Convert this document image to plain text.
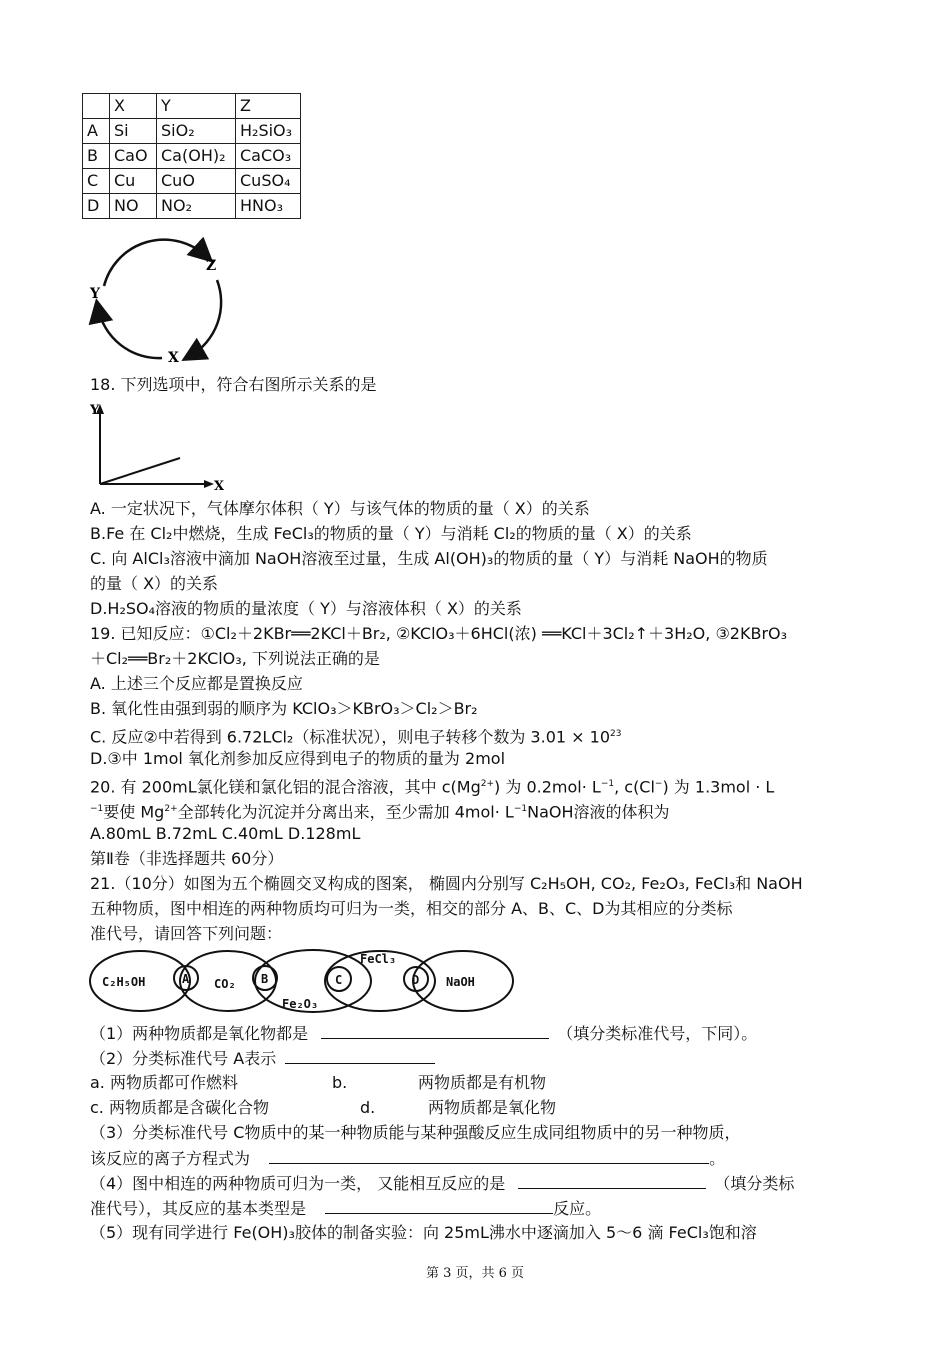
	X	Y	Z
A	Si	SiO₂	H₂SiO₃
B	CaO	Ca(OH)₂	CaCO₃
C	Cu	CuO	CuSO₄
D	NO	NO₂	HNO₃
Z
Y
X
18. 下列选项中，符合右图所示关系的是
Y
X
A. 一定状况下，气体摩尔体积（ Y）与该气体的物质的量（ X）的关系
B.Fe 在 Cl₂中燃烧，生成 FeCl₃的物质的量（ Y）与消耗 Cl₂的物质的量（ X）的关系
C. 向 AlCl₃溶液中滴加 NaOH溶液至过量，生成 Al(OH)₃的物质的量（ Y）与消耗 NaOH的物质
的量（ X）的关系
D.H₂SO₄溶液的物质的量浓度（ Y）与溶液体积（ X）的关系
19. 已知反应：①Cl₂＋2KBr══2KCl＋Br₂, ②KClO₃＋6HCl(浓) ══KCl＋3Cl₂↑＋3H₂O, ③2KBrO₃
＋Cl₂══Br₂＋2KClO₃, 下列说法正确的是
A. 上述三个反应都是置换反应
B. 氧化性由强到弱的顺序为 KClO₃＞KBrO₃＞Cl₂＞Br₂
C. 反应②中若得到 6.72LCl₂（标准状况），则电子转移个数为 $3.01 \times 10^{23}$
D.③中 1mol 氧化剂参加反应得到电子的物质的量为 2mol
20. 有 200mL氯化镁和氯化铝的混合溶液，其中 $c(Mg^{2+})$ 为 $0.2mol\cdot L^{-1}$, c(Cl−) 为 1.3mol · L
$^{-1}$要使 $Mg^{2+}$全部转化为沉淀并分离出来，至少需加 $4mol\cdot L^{-1}NaOH$溶液的体积为
A.80mL B.72mL C.40mL D.128mL
第Ⅱ卷（非选择题共 60分）
21.（10分）如图为五个椭圆交叉构成的图案， 椭圆内分别写 C₂H₅OH, CO₂, Fe₂O₃, FeCl₃和 NaOH
五种物质，图中相连的两种物质均可归为一类，相交的部分 A、B、C、D为其相应的分类标
准代号，请回答下列问题：
C₂H₅OH	CO₂
Fe₂O₃
FeCl₃
NaOH
A	B	C	D
（1）两种物质都是氧化物都是	（填分类标准代号，下同）。
（2）分类标准代号 A表示
a. 两物质都可作燃料	b.	两物质都是有机物
c. 两物质都是含碳化合物	d.	两物质都是氧化物
（3）分类标准代号 C物质中的某一种物质能与某种强酸反应生成同组物质中的另一种物质，
该反应的离子方程式为	。
（4）图中相连的两种物质可归为一类， 又能相互反应的是	（填分类标
准代号），其反应的基本类型是	反应。
（5）现有同学进行 Fe(OH)₃胶体的制备实验：向 25mL沸水中逐滴加入 5～6 滴 FeCl₃饱和溶
第 3 页，共 6 页
